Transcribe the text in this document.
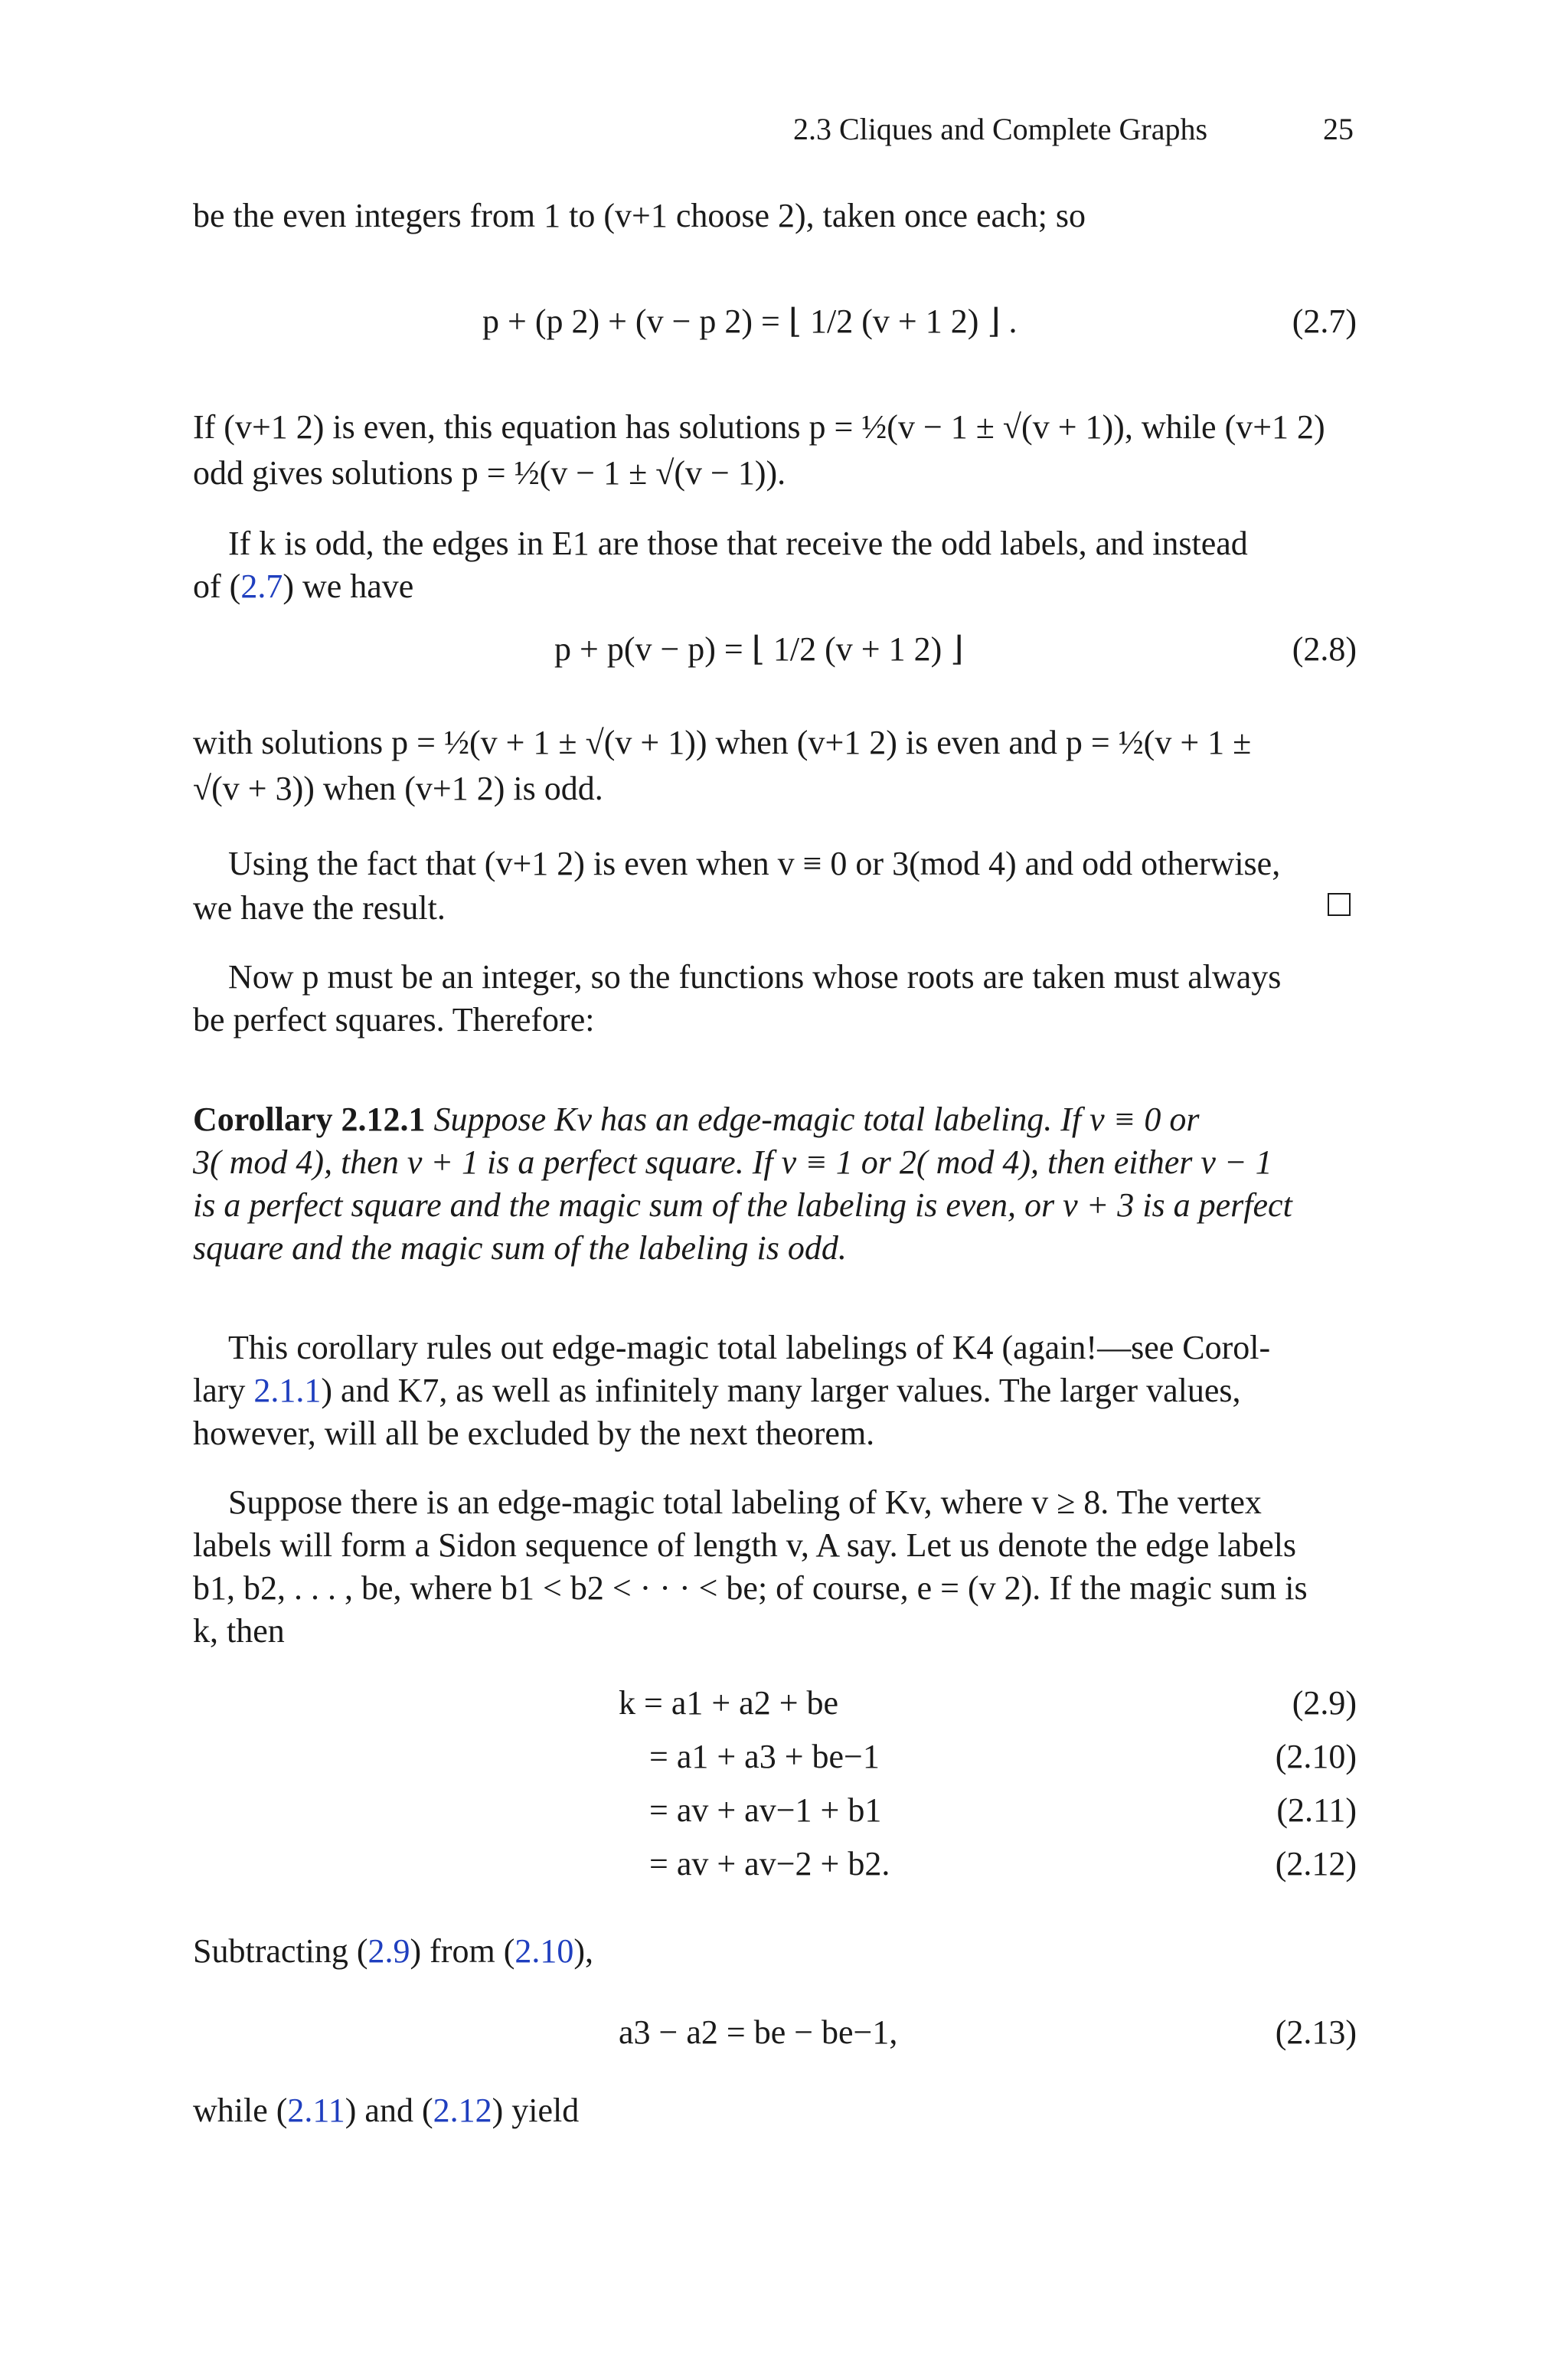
2.3 Cliques and Complete Graphs	25
be the even integers from 1 to (v+1 choose 2), taken once each; so
p + (p 2) + (v − p 2) = ⌊ 1/2 (v + 1 2) ⌋ .	(2.7)
If (v+1 2) is even, this equation has solutions p = ½(v − 1 ± √(v + 1)), while (v+1 2)
odd gives solutions p = ½(v − 1 ± √(v − 1)).
If k is odd, the edges in E1 are those that receive the odd labels, and instead
of (2.7) we have
p + p(v − p) = ⌊ 1/2 (v + 1 2) ⌋	(2.8)
with solutions p = ½(v + 1 ± √(v + 1)) when (v+1 2) is even and p = ½(v + 1 ±
√(v + 3)) when (v+1 2) is odd.
Using the fact that (v+1 2) is even when v ≡ 0 or 3(mod 4) and odd otherwise,
we have the result.
Now p must be an integer, so the functions whose roots are taken must always
be perfect squares. Therefore:
Corollary 2.12.1 Suppose Kv has an edge-magic total labeling. If v ≡ 0 or
3( mod 4), then v + 1 is a perfect square. If v ≡ 1 or 2( mod 4), then either v − 1
is a perfect square and the magic sum of the labeling is even, or v + 3 is a perfect
square and the magic sum of the labeling is odd.
This corollary rules out edge-magic total labelings of K4 (again!—see Corol-
lary 2.1.1) and K7, as well as infinitely many larger values. The larger values,
however, will all be excluded by the next theorem.
Suppose there is an edge-magic total labeling of Kv, where v ≥ 8. The vertex
labels will form a Sidon sequence of length v, A say. Let us denote the edge labels
b1, b2, . . . , be, where b1 < b2 < · · · < be; of course, e = (v 2). If the magic sum is
k, then
k = a1 + a2 + be	(2.9)
= a1 + a3 + be−1	(2.10)
= av + av−1 + b1	(2.11)
= av + av−2 + b2.	(2.12)
Subtracting (2.9) from (2.10),
a3 − a2 = be − be−1,	(2.13)
while (2.11) and (2.12) yield
